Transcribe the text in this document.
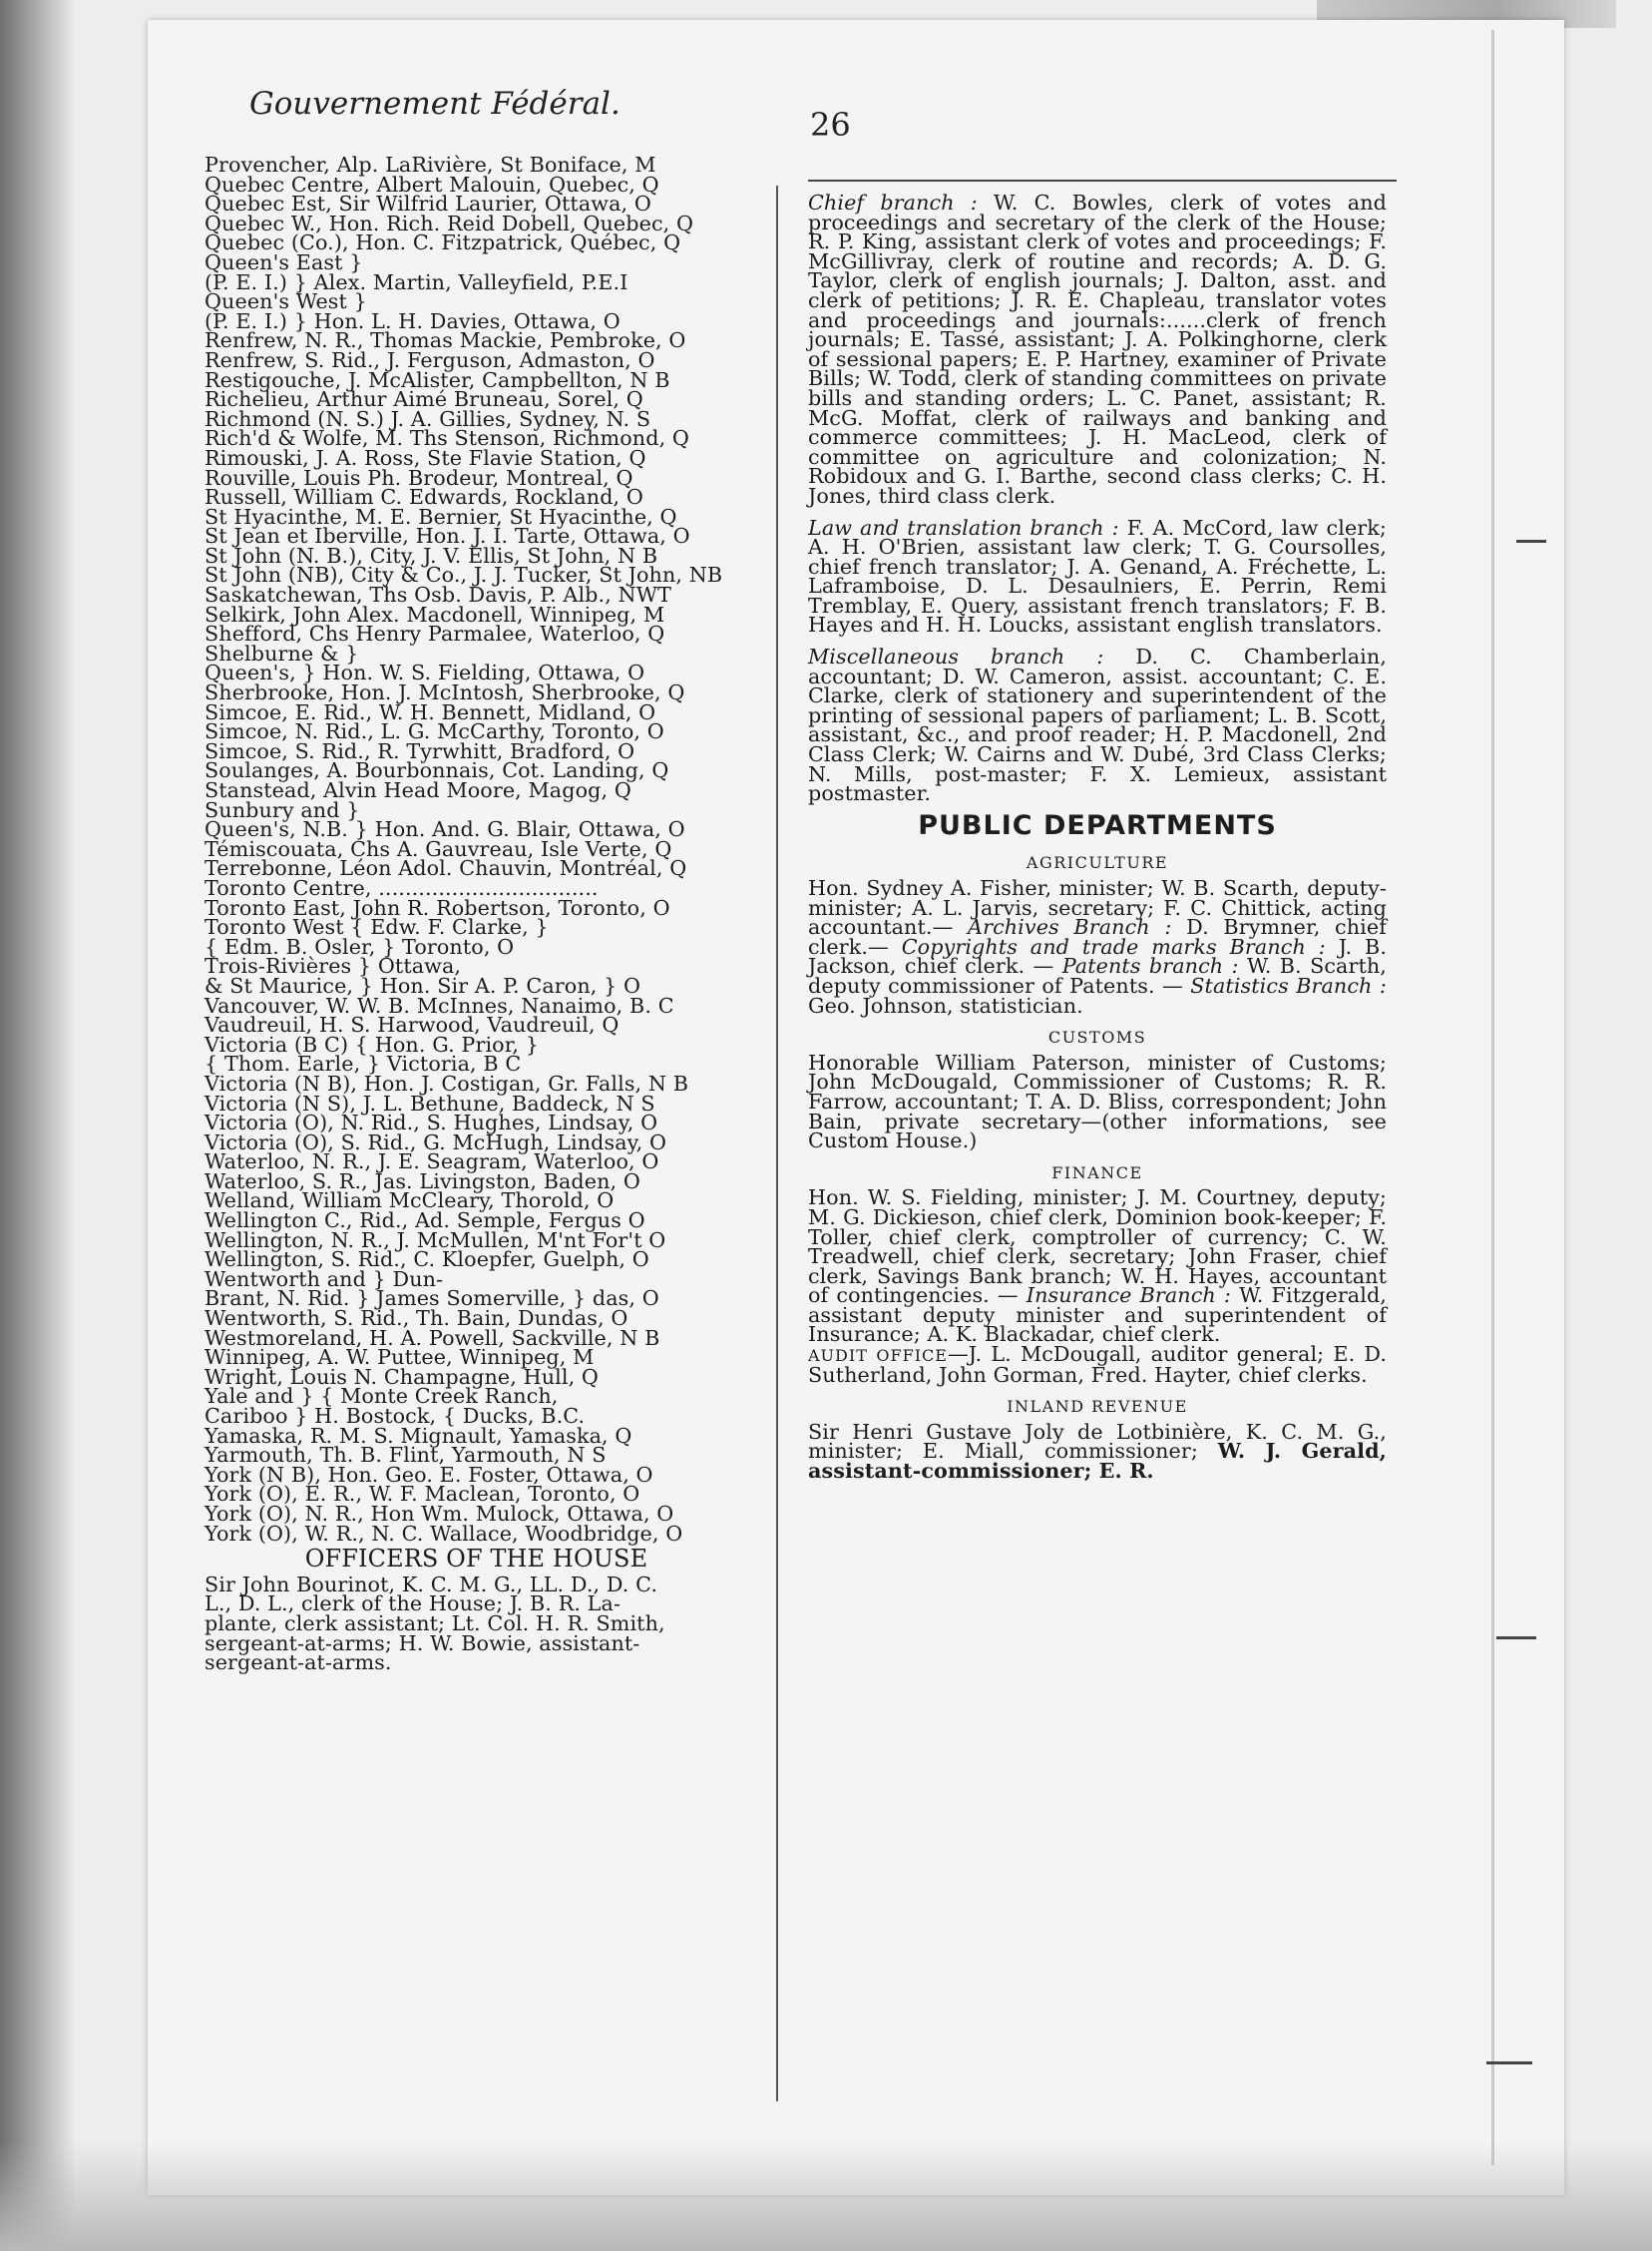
Gouvernement Fédéral.
26
Provencher, Alp. LaRivière, St Boniface, M
Quebec Centre, Albert Malouin, Quebec, Q
Quebec Est, Sir Wilfrid Laurier, Ottawa, O
Quebec W., Hon. Rich. Reid Dobell, Quebec, Q
Quebec (Co.), Hon. C. Fitzpatrick, Québec, Q
Queen's East }
(P. E. I.) } Alex. Martin, Valleyfield, P.E.I
Queen's West }
(P. E. I.) } Hon. L. H. Davies, Ottawa, O
Renfrew, N. R., Thomas Mackie, Pembroke, O
Renfrew, S. Rid., J. Ferguson, Admaston, O
Restigouche, J. McAlister, Campbellton, N B
Richelieu, Arthur Aimé Bruneau, Sorel, Q
Richmond (N. S.) J. A. Gillies, Sydney, N. S
Rich'd & Wolfe, M. Ths Stenson, Richmond, Q
Rimouski, J. A. Ross, Ste Flavie Station, Q
Rouville, Louis Ph. Brodeur, Montreal, Q
Russell, William C. Edwards, Rockland, O
St Hyacinthe, M. E. Bernier, St Hyacinthe, Q
St Jean et Iberville, Hon. J. I. Tarte, Ottawa, O
St John (N. B.), City, J. V. Ellis, St John, N B
St John (NB), City & Co., J. J. Tucker, St John, NB
Saskatchewan, Ths Osb. Davis, P. Alb., NWT
Selkirk, John Alex. Macdonell, Winnipeg, M
Shefford, Chs Henry Parmalee, Waterloo, Q
Shelburne & }
Queen's, } Hon. W. S. Fielding, Ottawa, O
Sherbrooke, Hon. J. McIntosh, Sherbrooke, Q
Simcoe, E. Rid., W. H. Bennett, Midland, O
Simcoe, N. Rid., L. G. McCarthy, Toronto, O
Simcoe, S. Rid., R. Tyrwhitt, Bradford, O
Soulanges, A. Bourbonnais, Cot. Landing, Q
Stanstead, Alvin Head Moore, Magog, Q
Sunbury and }
Queen's, N.B. } Hon. And. G. Blair, Ottawa, O
Témiscouata, Chs A. Gauvreau, Isle Verte, Q
Terrebonne, Léon Adol. Chauvin, Montréal, Q
Toronto Centre, .................................
Toronto East, John R. Robertson, Toronto, O
Toronto West { Edw. F. Clarke, }
{ Edm. B. Osler, } Toronto, O
Trois-Rivières } Ottawa,
& St Maurice, } Hon. Sir A. P. Caron, } O
Vancouver, W. W. B. McInnes, Nanaimo, B. C
Vaudreuil, H. S. Harwood, Vaudreuil, Q
Victoria (B C) { Hon. G. Prior, }
{ Thom. Earle, } Victoria, B C
Victoria (N B), Hon. J. Costigan, Gr. Falls, N B
Victoria (N S), J. L. Bethune, Baddeck, N S
Victoria (O), N. Rid., S. Hughes, Lindsay, O
Victoria (O), S. Rid., G. McHugh, Lindsay, O
Waterloo, N. R., J. E. Seagram, Waterloo, O
Waterloo, S. R., Jas. Livingston, Baden, O
Welland, William McCleary, Thorold, O
Wellington C., Rid., Ad. Semple, Fergus O
Wellington, N. R., J. McMullen, M'nt For't O
Wellington, S. Rid., C. Kloepfer, Guelph, O
Wentworth and } Dun-
Brant, N. Rid. } James Somerville, } das, O
Wentworth, S. Rid., Th. Bain, Dundas, O
Westmoreland, H. A. Powell, Sackville, N B
Winnipeg, A. W. Puttee, Winnipeg, M
Wright, Louis N. Champagne, Hull, Q
Yale and } { Monte Creek Ranch,
Cariboo } H. Bostock, { Ducks, B.C.
Yamaska, R. M. S. Mignault, Yamaska, Q
Yarmouth, Th. B. Flint, Yarmouth, N S
York (N B), Hon. Geo. E. Foster, Ottawa, O
York (O), E. R., W. F. Maclean, Toronto, O
York (O), N. R., Hon Wm. Mulock, Ottawa, O
York (O), W. R., N. C. Wallace, Woodbridge, O
OFFICERS OF THE HOUSE
Sir John Bourinot, K. C. M. G., LL. D., D. C.
L., D. L., clerk of the House; J. B. R. La-
plante, clerk assistant; Lt. Col. H. R. Smith,
sergeant-at-arms; H. W. Bowie, assistant-
sergeant-at-arms.
Chief branch : W. C. Bowles, clerk of votes and proceedings and secretary of the clerk of the House; R. P. King, assistant clerk of votes and proceedings; F. McGillivray, clerk of routine and records; A. D. G. Taylor, clerk of english journals; J. Dalton, asst. and clerk of petitions; J. R. E. Chapleau, translator votes and proceedings and journals:......clerk of french journals; E. Tassé, assistant; J. A. Polkinghorne, clerk of sessional papers; E. P. Hartney, examiner of Private Bills; W. Todd, clerk of standing committees on private bills and standing orders; L. C. Panet, assistant; R. McG. Moffat, clerk of railways and banking and commerce committees; J. H. MacLeod, clerk of committee on agriculture and colonization; N. Robidoux and G. I. Barthe, second class clerks; C. H. Jones, third class clerk.
Law and translation branch : F. A. McCord, law clerk; A. H. O'Brien, assistant law clerk; T. G. Coursolles, chief french translator; J. A. Genand, A. Fréchette, L. Laframboise, D. L. Desaulniers, E. Perrin, Remi Tremblay, E. Query, assistant french translators; F. B. Hayes and H. H. Loucks, assistant english translators.
Miscellaneous branch : D. C. Chamberlain, accountant; D. W. Cameron, assist. accountant; C. E. Clarke, clerk of stationery and superintendent of the printing of sessional papers of parliament; L. B. Scott, assistant, &c., and proof reader; H. P. Macdonell, 2nd Class Clerk; W. Cairns and W. Dubé, 3rd Class Clerks; N. Mills, post-master; F. X. Lemieux, assistant postmaster.
PUBLIC DEPARTMENTS
AGRICULTURE
Hon. Sydney A. Fisher, minister; W. B. Scarth, deputy-minister; A. L. Jarvis, secretary; F. C. Chittick, acting accountant.— Archives Branch : D. Brymner, chief clerk.— Copyrights and trade marks Branch : J. B. Jackson, chief clerk. — Patents branch : W. B. Scarth, deputy commissioner of Patents. — Statistics Branch : Geo. Johnson, statistician.
CUSTOMS
Honorable William Paterson, minister of Customs; John McDougald, Commissioner of Customs; R. R. Farrow, accountant; T. A. D. Bliss, correspondent; John Bain, private secretary—(other informations, see Custom House.)
FINANCE
Hon. W. S. Fielding, minister; J. M. Courtney, deputy; M. G. Dickieson, chief clerk, Dominion book-keeper; F. Toller, chief clerk, comptroller of currency; C. W. Treadwell, chief clerk, secretary; John Fraser, chief clerk, Savings Bank branch; W. H. Hayes, accountant of contingencies. — Insurance Branch : W. Fitzgerald, assistant deputy minister and superintendent of Insurance; A. K. Blackadar, chief clerk.
AUDIT OFFICE—J. L. McDougall, auditor general; E. D. Sutherland, John Gorman, Fred. Hayter, chief clerks.
INLAND REVENUE
Sir Henri Gustave Joly de Lotbinière, K. C. M. G., minister; E. Miall, commissioner; W. J. Gerald, assistant-commissioner; E. R.
